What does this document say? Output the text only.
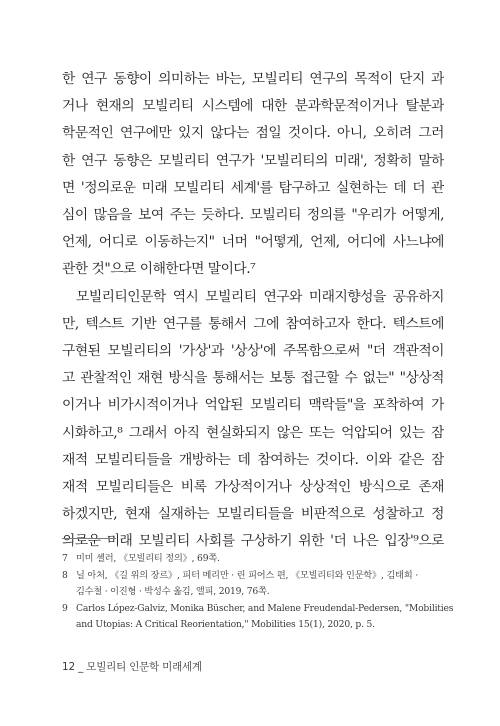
한 연구 동향이 의미하는 바는, 모빌리티 연구의 목적이 단지 과
거나 현재의 모빌리티 시스템에 대한 분과학문적이거나 탈분과
학문적인 연구에만 있지 않다는 점일 것이다. 아니, 오히려 그러
한 연구 동향은 모빌리티 연구가 '모빌리티의 미래', 정확히 말하
면 '정의로운 미래 모빌리티 세계'를 탐구하고 실현하는 데 더 관
심이 많음을 보여 주는 듯하다. 모빌리티 정의를 "우리가 어떻게,
언제, 어디로 이동하는지" 너머 "어떻게, 언제, 어디에 사느냐에
관한 것"으로 이해한다면 말이다.⁷
모빌리티인문학 역시 모빌리티 연구와 미래지향성을 공유하지
만, 텍스트 기반 연구를 통해서 그에 참여하고자 한다. 텍스트에
구현된 모빌리티의 '가상'과 '상상'에 주목함으로써 "더 객관적이
고 관찰적인 재현 방식을 통해서는 보통 접근할 수 없는" "상상적
이거나 비가시적이거나 억압된 모빌리티 맥락들"을 포착하여 가
시화하고,⁸ 그래서 아직 현실화되지 않은 또는 억압되어 있는 잠
재적 모빌리티들을 개방하는 데 참여하는 것이다. 이와 같은 잠
재적 모빌리티들은 비록 가상적이거나 상상적인 방식으로 존재
하겠지만, 현재 실재하는 모빌리티들을 비판적으로 성찰하고 정
의로운 미래 모빌리티 사회를 구상하기 위한 '더 나은 입장'⁹으로
7 미미 셸러, 《모빌리티 정의》, 69쪽.
8 닐 아처, 《길 위의 장르》, 피터 메리만 · 린 피어스 편, 《모빌리티와 인문학》, 김태희 ·
김수철 · 이진형 · 박성수 옮김, 앨피, 2019, 76쪽.
9 Carlos López-Galviz, Monika Büscher, and Malene Freudendal-Pedersen, "Mobilities
and Utopias: A Critical Reorientation," Mobilities 15(1), 2020, p. 5.
12 _ 모빌리티 인문학 미래세계
